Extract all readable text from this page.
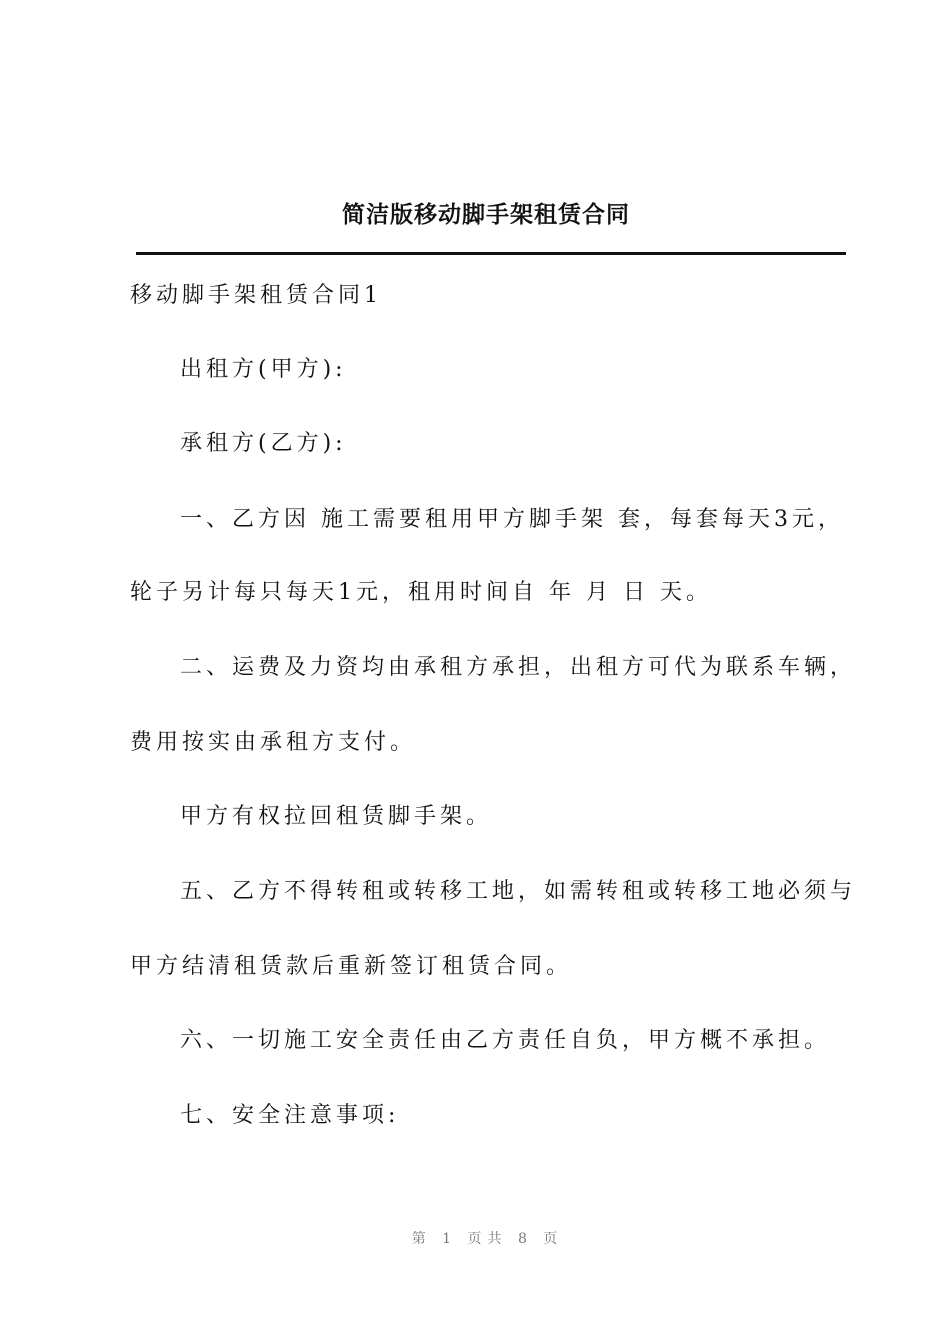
简洁版移动脚手架租赁合同
移动脚手架租赁合同1
出租方(甲方):
承租方(乙方):
一、乙方因 施工需要租用甲方脚手架 套，每套每天3元，
轮子另计每只每天1元，租用时间自 年 月 日 天。
二、运费及力资均由承租方承担，出租方可代为联系车辆，
费用按实由承租方支付。
甲方有权拉回租赁脚手架。
五、乙方不得转租或转移工地，如需转租或转移工地必须与
甲方结清租赁款后重新签订租赁合同。
六、一切施工安全责任由乙方责任自负，甲方概不承担。
七、安全注意事项:
第 1 页共 8 页
